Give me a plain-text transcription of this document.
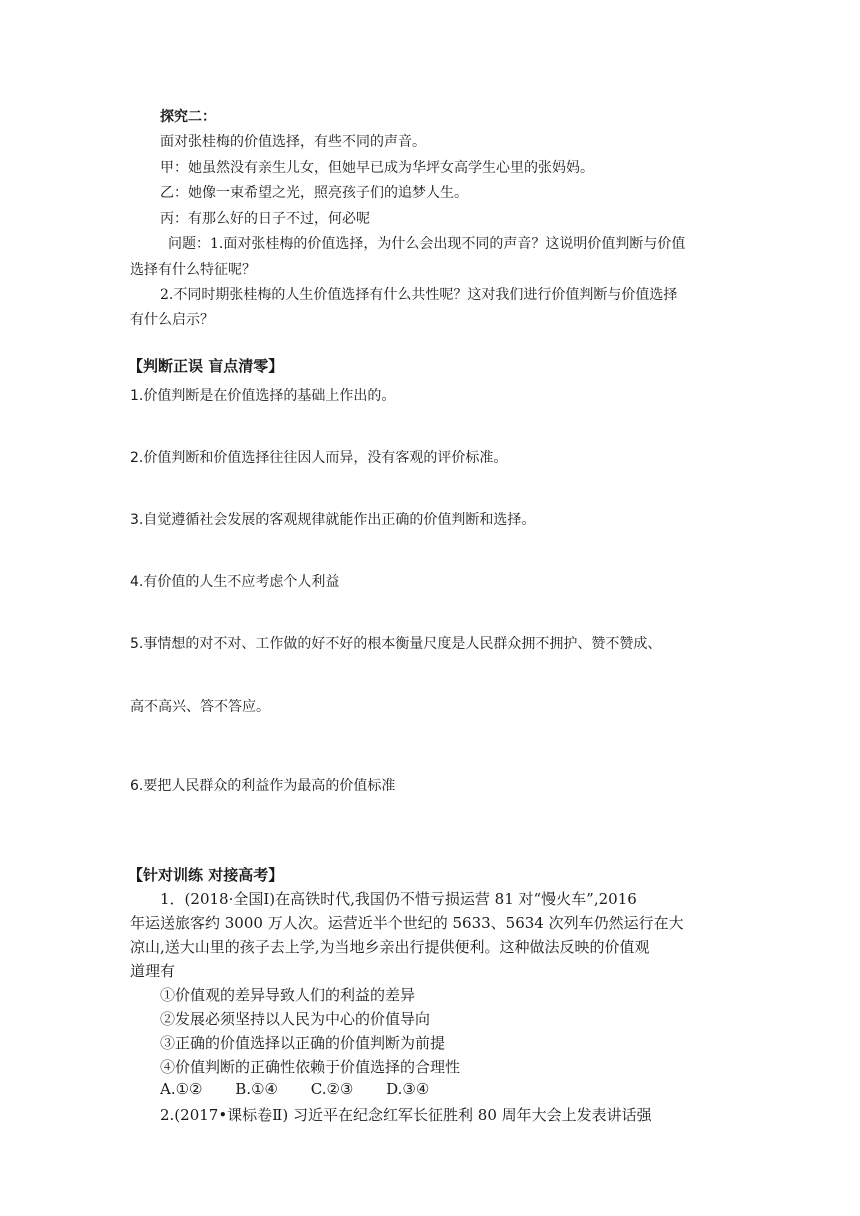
探究二：
面对张桂梅的价值选择，有些不同的声音。
甲：她虽然没有亲生儿女，但她早已成为华坪女高学生心里的张妈妈。
乙：她像一束希望之光，照亮孩子们的追梦人生。
丙：有那么好的日子不过，何必呢
问题：1.面对张桂梅的价值选择，为什么会出现不同的声音？这说明价值判断与价值
选择有什么特征呢？
2.不同时期张桂梅的人生价值选择有什么共性呢？这对我们进行价值判断与价值选择
有什么启示？
【判断正误 盲点清零】
1.价值判断是在价值选择的基础上作出的。
2.价值判断和价值选择往往因人而异，没有客观的评价标准。
3.自觉遵循社会发展的客观规律就能作出正确的价值判断和选择。
4.有价值的人生不应考虑个人利益
5.事情想的对不对、工作做的好不好的根本衡量尺度是人民群众拥不拥护、赞不赞成、
高不高兴、答不答应。
6.要把人民群众的利益作为最高的价值标准
【针对训练 对接高考】
1．(2018·全国Ⅰ)在高铁时代,我国仍不惜亏损运营 81 对“慢火车”,2016
年运送旅客约 3000 万人次。运营近半个世纪的 5633、5634 次列车仍然运行在大
凉山,送大山里的孩子去上学,为当地乡亲出行提供便利。这种做法反映的价值观
道理有
①价值观的差异导致人们的利益的差异
②发展必须坚持以人民为中心的价值导向
③正确的价值选择以正确的价值判断为前提
④价值判断的正确性依赖于价值选择的合理性
A.①② B.①④ C.②③ D.③④
2.(2017•课标卷Ⅱ) 习近平在纪念红军长征胜利 80 周年大会上发表讲话强
